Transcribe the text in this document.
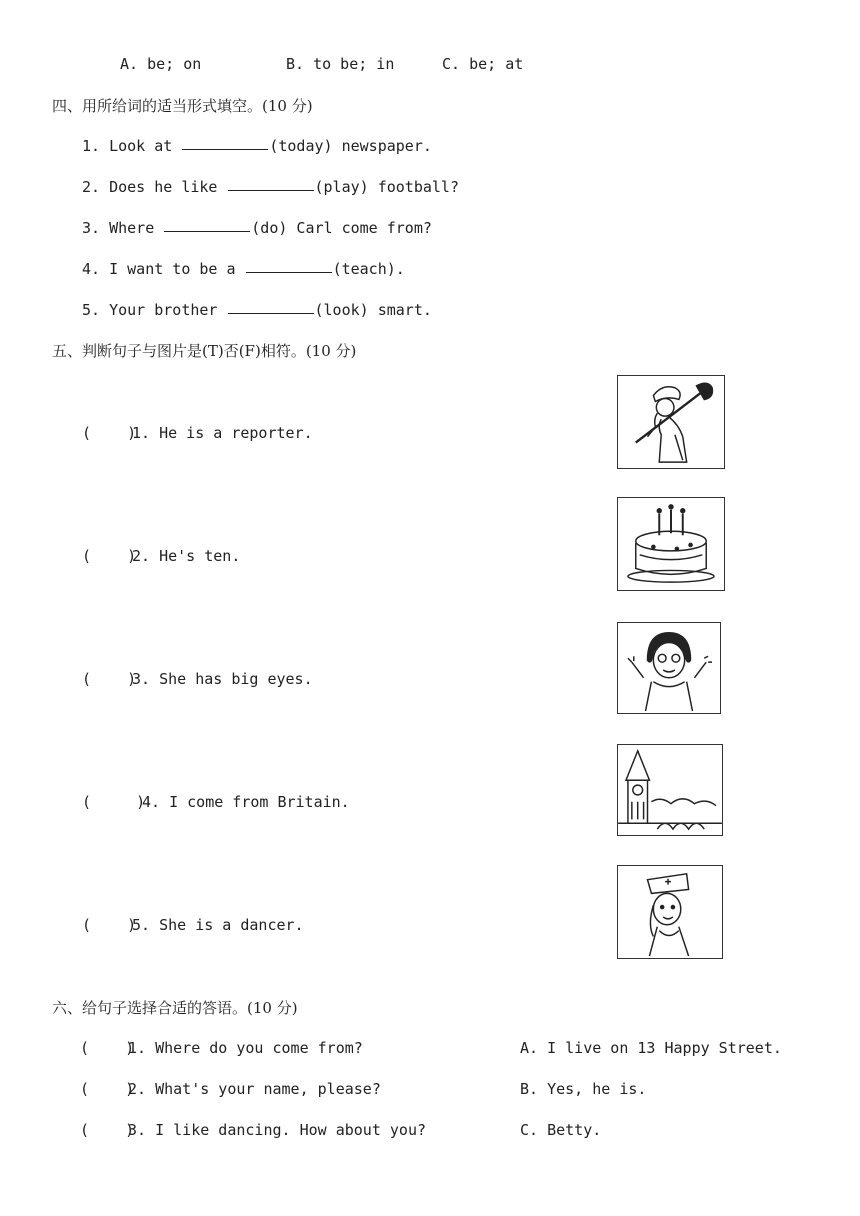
A. be; on	B. to be; in	C. be; at
四、用所给词的适当形式填空。(10 分)
1. Look at	(today) newspaper.
2. Does he like	(play) football?
3. Where	(do) Carl come from?
4. I want to be a	(teach).
5. Your brother	(look) smart.
五、判断句子与图片是(T)否(F)相符。(10 分)
(    )
1. He is a reporter.
(    )
2. He's ten.
(    )
3. She has big eyes.
(     )
4. I come from Britain.
(    )
5. She is a dancer.
六、给句子选择合适的答语。(10 分)
(    )
1. Where do you come from?	A. I live on 13 Happy Street.
(    )
2. What's your name, please?	B. Yes, he is.
(    )
3. I like dancing. How about you?	C. Betty.
